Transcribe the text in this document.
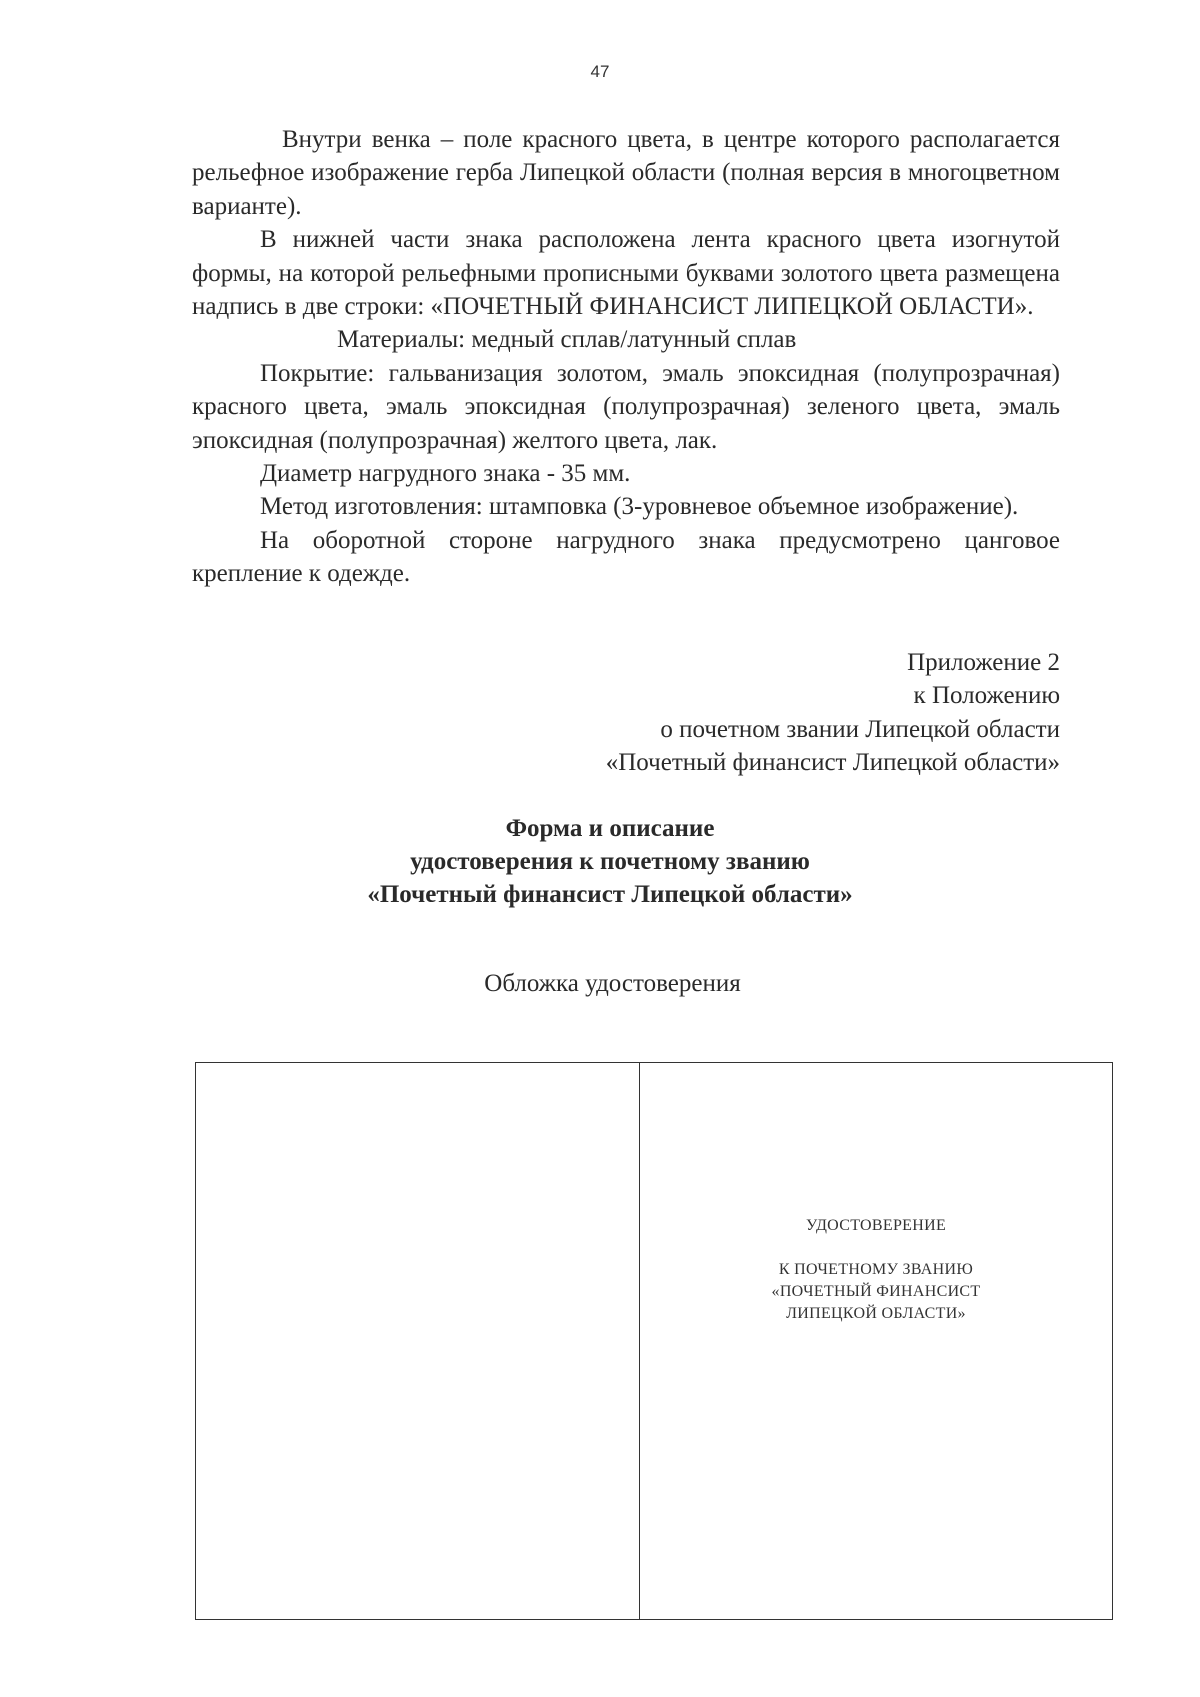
47

Внутри венка – поле красного цвета, в центре которого располагается рельефное изображение герба Липецкой области (полная версия в многоцветном варианте).

В нижней части знака расположена лента красного цвета изогнутой формы, на которой рельефными прописными буквами золотого цвета размещена надпись в две строки: «ПОЧЕТНЫЙ ФИНАНСИСТ ЛИПЕЦКОЙ ОБЛАСТИ».

Материалы: медный сплав/латунный сплав

Покрытие: гальванизация золотом, эмаль эпоксидная (полупрозрачная) красного цвета, эмаль эпоксидная (полупрозрачная) зеленого цвета, эмаль эпоксидная (полупрозрачная) желтого цвета, лак.

Диаметр нагрудного знака - 35 мм.

Метод изготовления: штамповка (3-уровневое объемное изображение).

На оборотной стороне нагрудного знака предусмотрено цанговое крепление к одежде.

Приложение 2
к Положению
о почетном звании Липецкой области
«Почетный финансист Липецкой области»
Форма и описание
удостоверения к почетному званию
«Почетный финансист Липецкой области»
Обложка удостоверения
УДОСТОВЕРЕНИЕ
К ПОЧЕТНОМУ ЗВАНИЮ
«ПОЧЕТНЫЙ ФИНАНСИСТ
ЛИПЕЦКОЙ ОБЛАСТИ»
